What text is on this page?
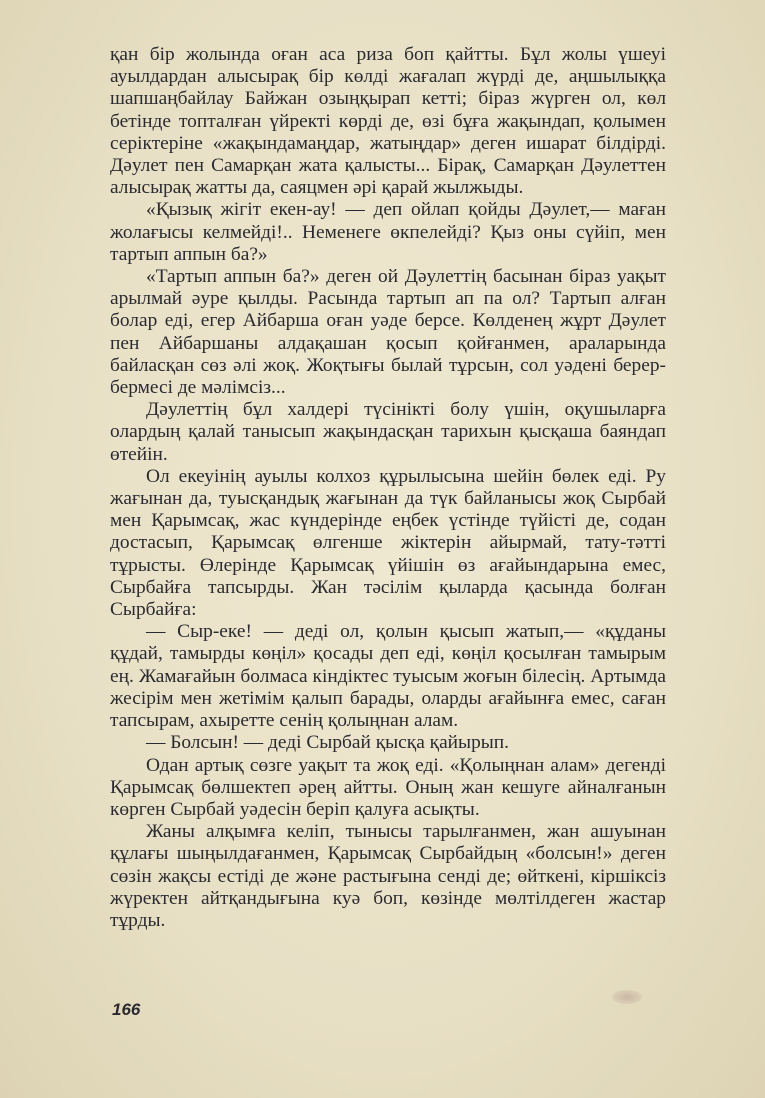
қан бір жолында оған аса риза боп қайтты. Бұл жолы үшеуі ауылдардан алысырақ бір көлді жағалап жүрді де, аңшылыққа шапшаңбайлау Байжан озыңқырап кетті; біраз жүрген ол, көл бетінде топталған үйректі көрді де, өзі бұға жақындап, қолымен серіктеріне «жақындамаңдар, жатыңдар» деген ишарат білдірді. Дәулет пен Самарқан жата қалысты... Бірақ, Самарқан Дәулеттен алысырақ жатты да, саяцмен әрі қарай жылжыды.

«Қызық жігіт екен-ау! — деп ойлап қойды Дәулет,— маған жолағысы келмейді!.. Неменеге өкпелейді? Қыз оны сүйіп, мен тартып аппын ба?»

«Тартып аппын ба?» деген ой Дәулеттің басынан біраз уақыт арылмай әуре қылды. Расында тартып ап па ол? Тартып алған болар еді, егер Айбарша оған уәде берсе. Көлденең жұрт Дәулет пен Айбаршаны алдақашан қосып қойғанмен, араларында байласқан сөз әлі жоқ. Жоқтығы былай тұрсын, сол уәдені берер-бермесі де мәлімсіз...

Дәулеттің бұл халдері түсінікті болу үшін, оқушыларға олардың қалай танысып жақындасқан тарихын қысқаша баяндап өтейін.

Ол екеуінің ауылы колхоз құрылысына шейін бөлек еді. Ру жағынан да, туысқандық жағынан да түк байланысы жоқ Сырбай мен Қарымсақ, жас күндерінде еңбек үстінде түйісті де, содан достасып, Қарымсақ өлгенше жіктерін айырмай, тату-тәтті тұрысты. Өлерінде Қарымсақ үйішін өз ағайындарына емес, Сырбайға тапсырды. Жан тәсілім қыларда қасында болған Сырбайға:

— Сыр-еке! — деді ол, қолын қысып жатып,— «құданы құдай, тамырды көңіл» қосады деп еді, көңіл қосылған тамырым ең. Жамағайын болмаса кіндіктес туысым жоғын білесің. Артымда жесірім мен жетімім қалып барады, оларды ағайынға емес, саған тапсырам, ахыретте сенің қолыңнан алам.

— Болсын! — деді Сырбай қысқа қайырып.

Одан артық сөзге уақыт та жоқ еді. «Қолыңнан алам» дегенді Қарымсақ бөлшектеп әрең айтты. Оның жан кешуге айналғанын көрген Сырбай уәдесін беріп қалуға асықты.

Жаны алқымға келіп, тынысы тарылғанмен, жан ашуынан құлағы шыңылдағанмен, Қарымсақ Сырбайдың «болсын!» деген сөзін жақсы естіді де және растығына сенді де; өйткені, кіршіксіз жүректен айтқандығына куә боп, көзінде мөлтілдеген жастар тұрды.

166
